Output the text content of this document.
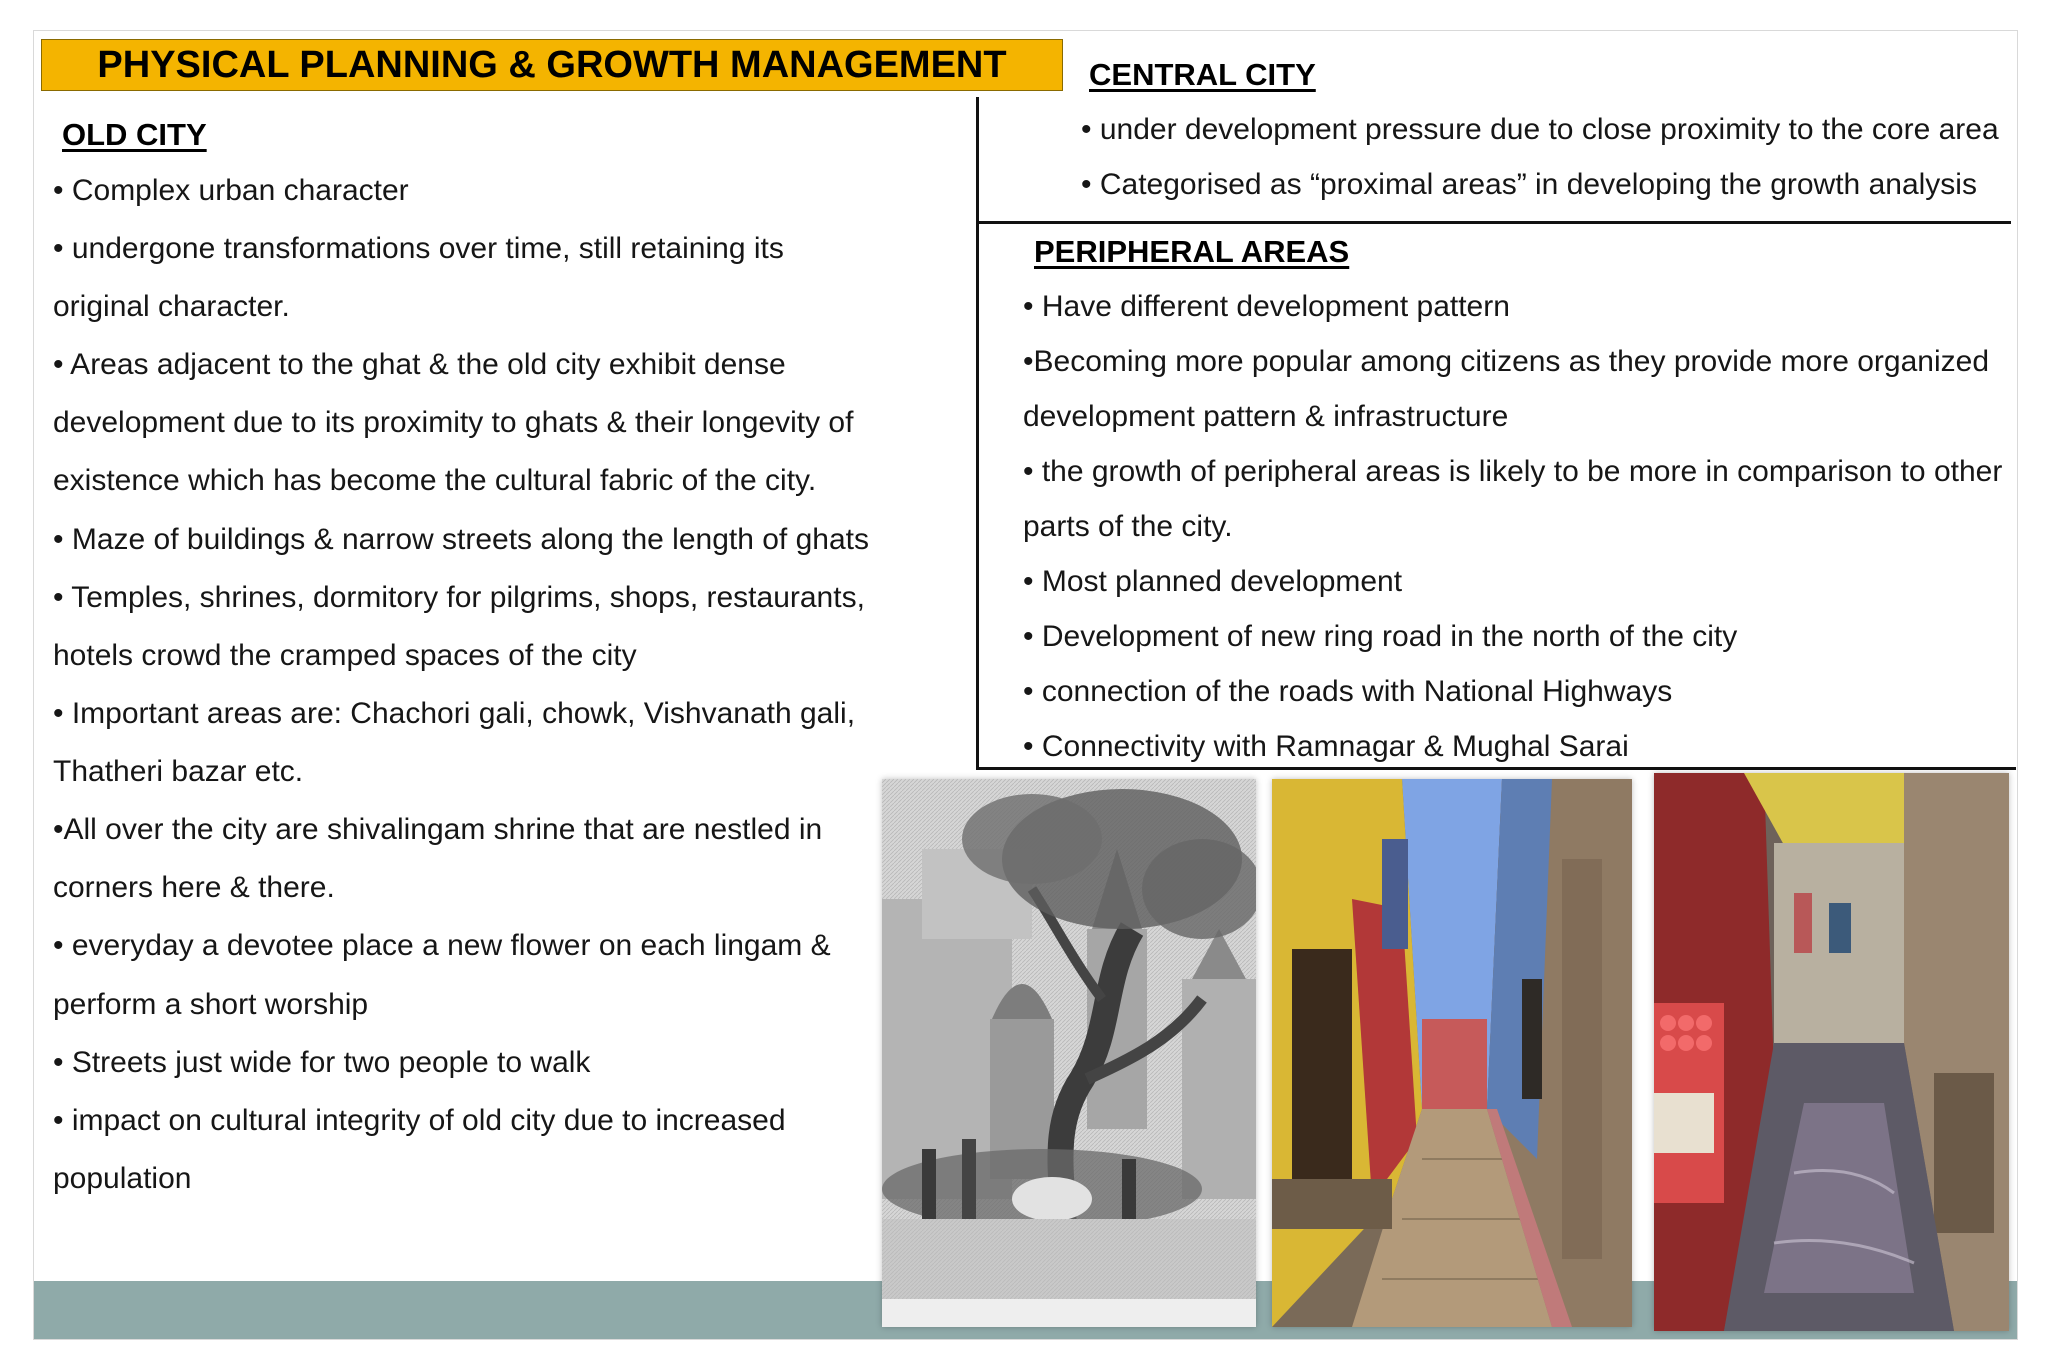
PHYSICAL PLANNING & GROWTH MANAGEMENT
OLD CITY
• Complex urban character
• undergone transformations over time, still retaining its
original character.
• Areas adjacent to the ghat & the old city exhibit dense
development due to its proximity to ghats & their longevity of
existence which has become the cultural fabric of the city.
• Maze of buildings & narrow streets along the length of ghats
• Temples, shrines, dormitory for pilgrims, shops, restaurants,
hotels crowd the cramped spaces of the city
• Important areas are: Chachori gali, chowk, Vishvanath gali,
Thatheri bazar etc.
•All over the city are shivalingam shrine that are nestled in
corners here & there.
• everyday a devotee place a new flower on each lingam &
perform a short worship
• Streets just wide for two people to walk
• impact on cultural integrity of old city due to increased
population
CENTRAL CITY
• under development pressure due to close proximity to the core area
• Categorised as “proximal areas” in developing the growth analysis
PERIPHERAL AREAS
• Have different development pattern
•Becoming more popular among citizens as they provide more organized
development pattern & infrastructure
• the growth of peripheral areas is likely to be more in comparison to other
parts of the city.
• Most planned development
• Development of new ring road in the north of the city
• connection of the roads with National Highways
• Connectivity with Ramnagar & Mughal Sarai
